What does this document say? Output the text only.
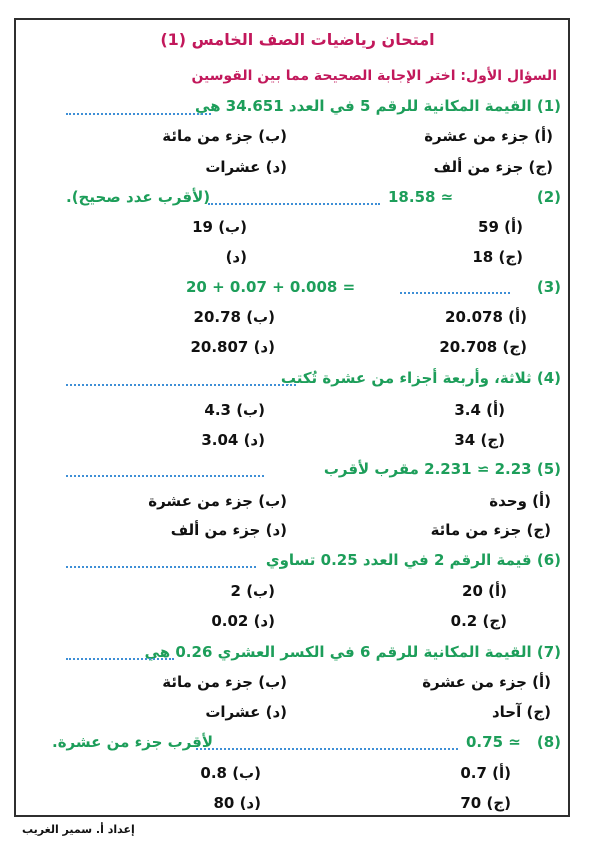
امتحان رياضيات الصف الخامس (1)
السؤال الأول: اختر الإجابة الصحيحة مما بين القوسين
(1) القيمة المكانية للرقم 5 في العدد 34.651 هي
(أ) جزء من عشرة
(ب) جزء من مائة
(ج) جزء من ألف
(د) عشرات
(2)
18.58 ≃
(لأقرب عدد صحيح).
(أ) 59
(ب) 19
(ج) 18
(د)
(3)
20 + 0.07 + 0.008 =
(أ) 20.078
(ب) 20.78
(ج) 20.708
(د) 20.807
(4) ثلاثة، وأربعة أجزاء من عشرة تُكتب
(أ) 3.4
(ب) 4.3
(ج) 34
(د) 3.04
(5) 2.23 ≃ 2.231 مقرب لأقرب
(أ) وحدة
(ب) جزء من عشرة
(ج) جزء من مائة
(د) جزء من ألف
(6) قيمة الرقم 2 في العدد 0.25 تساوي
(أ) 20
(ب) 2
(ج) 0.2
(د) 0.02
(7) القيمة المكانية للرقم 6 في الكسر العشري 0.26 هي
(أ) جزء من عشرة
(ب) جزء من مائة
(ج) آحاد
(د) عشرات
(8)
0.75 ≃
لأقرب جزء من عشرة.
(أ) 0.7
(ب) 0.8
(ج) 70
(د) 80
إعداد أ. سمير الغريب
